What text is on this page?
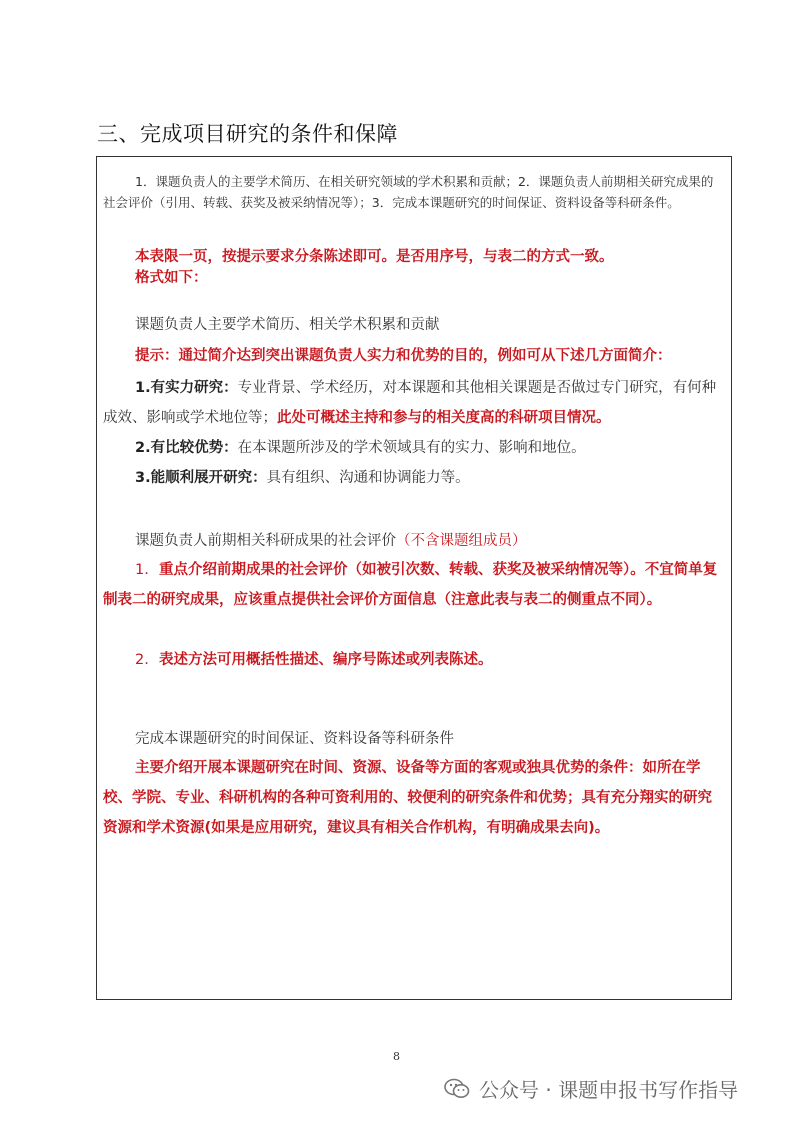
三、完成项目研究的条件和保障

1．课题负责人的主要学术简历、在相关研究领域的学术积累和贡献；2．课题负责人前期相关研究成果的社会评价（引用、转载、获奖及被采纳情况等）；3．完成本课题研究的时间保证、资料设备等科研条件。

本表限一页，按提示要求分条陈述即可。是否用序号，与表二的方式一致。

格式如下：

课题负责人主要学术简历、相关学术积累和贡献

提示：通过简介达到突出课题负责人实力和优势的目的，例如可从下述几方面简介：

1.有实力研究：专业背景、学术经历，对本课题和其他相关课题是否做过专门研究，有何种成效、影响或学术地位等；此处可概述主持和参与的相关度高的科研项目情况。

2.有比较优势：在本课题所涉及的学术领域具有的实力、影响和地位。

3.能顺利展开研究：具有组织、沟通和协调能力等。

课题负责人前期相关科研成果的社会评价（不含课题组成员）

1. 重点介绍前期成果的社会评价（如被引次数、转载、获奖及被采纳情况等）。不宜简单复制表二的研究成果，应该重点提供社会评价方面信息（注意此表与表二的侧重点不同）。

2. 表述方法可用概括性描述、编序号陈述或列表陈述。

完成本课题研究的时间保证、资料设备等科研条件

主要介绍开展本课题研究在时间、资源、设备等方面的客观或独具优势的条件：如所在学校、学院、专业、科研机构的各种可资利用的、较便利的研究条件和优势；具有充分翔实的研究资源和学术资源(如果是应用研究，建议具有相关合作机构，有明确成果去向)。

8
公众号 · 课题申报书写作指导
